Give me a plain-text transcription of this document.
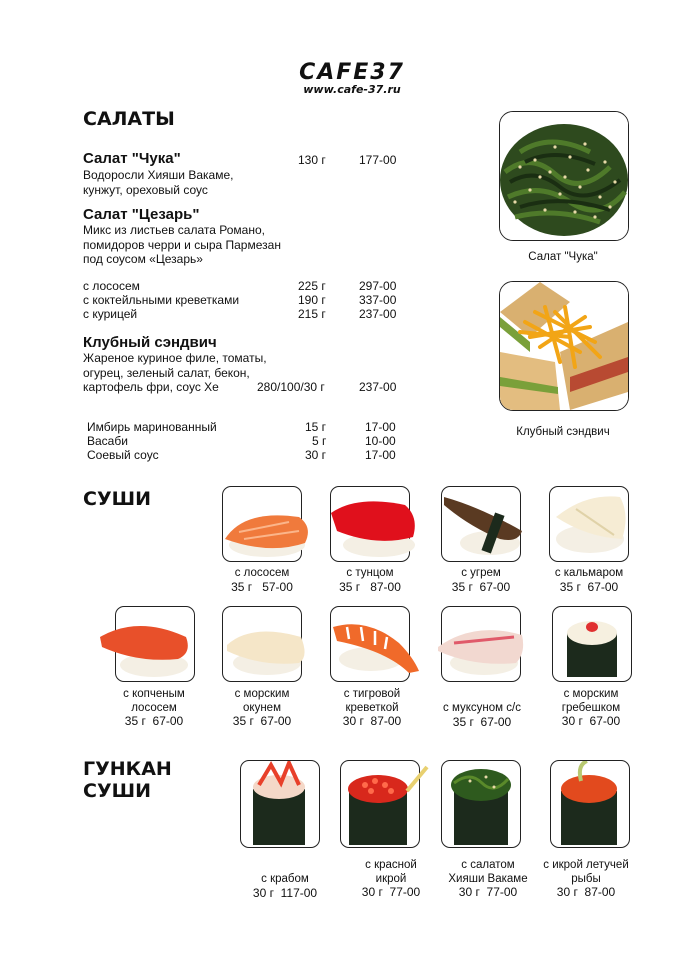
CAFE37
www.cafe-37.ru
САЛАТЫ
Салат "Чука"	130 г	177-00
Водоросли Хияши Вакаме,
кунжут, ореховый соус
Салат "Цезарь"
Микс из листьев салата Романо,
помидоров черри и сыра Пармезан
под соусом «Цезарь»
с лососем	225 г	297-00
с коктейльными креветками	190 г	337-00
с курицей	215 г	237-00
Клубный сэндвич
Жареное куриное филе, томаты,
огурец, зеленый салат, бекон,
картофель фри, соус Хе	280/100/30 г	237-00
Имбирь маринованный	15 г	17-00
Васаби	5 г	10-00
Соевый соус	30 г	17-00
Салат "Чука"
Клубный сэндвич
СУШИ
с лососем
35 г 57-00
с тунцом
35 г 87-00
с угрем
35 г 67-00
с кальмаром
35 г 67-00
с копченым
лососем
35 г 67-00
с морским
окунем
35 г 67-00
с тигровой
креветкой
30 г 87-00
с муксуном с/с
35 г 67-00
с морским
гребешком
30 г 67-00
ГУНКАН
СУШИ
с крабом
30 г 117-00
с красной
икрой
30 г 77-00
с салатом
Хияши Вакаме
30 г 77-00
с икрой летучей
рыбы
30 г 87-00
